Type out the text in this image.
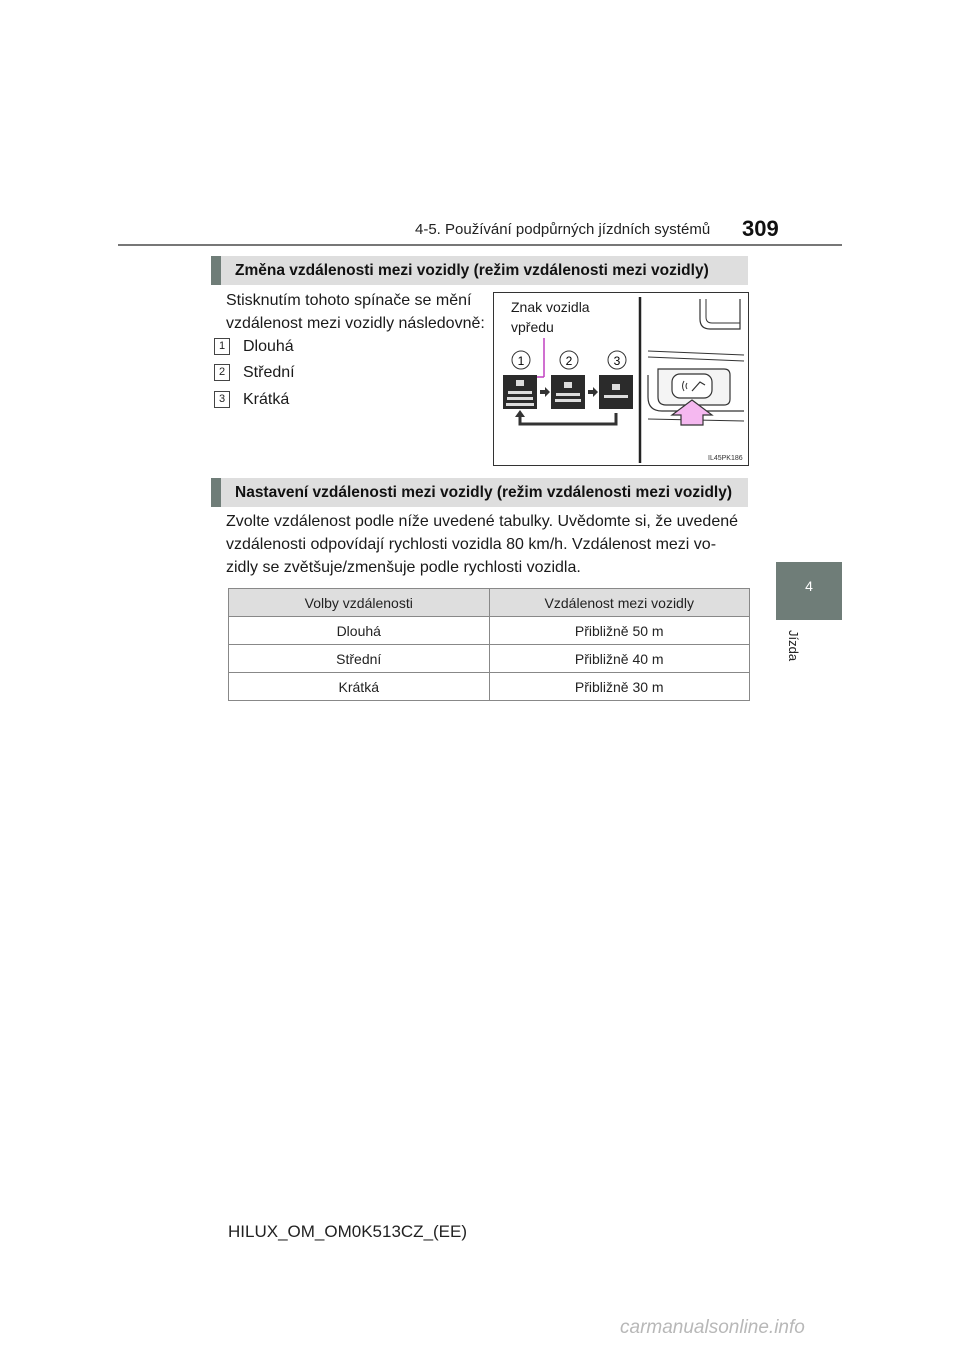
4-5. Používání podpůrných jízdních systémů 309
4
Jízda
Změna vzdálenosti mezi vozidly (režim vzdálenosti mezi vozidly)
Stisknutím tohoto spínače se mění
vzdálenost mezi vozidly následovně:
1 Dlouhá
2 Střední
3 Krátká
Znak vozidla
vpředu
1	2	3
IL45PK186
Nastavení vzdálenosti mezi vozidly (režim vzdálenosti mezi vozidly)
Zvolte vzdálenost podle níže uvedené tabulky. Uvědomte si, že uvedené
vzdálenosti odpovídají rychlosti vozidla 80 km/h. Vzdálenost mezi vo-
zidly se zvětšuje/zmenšuje podle rychlosti vozidla.
Volby vzdálenosti	Vzdálenost mezi vozidly
Dlouhá	Přibližně 50 m
Střední	Přibližně 40 m
Krátká	Přibližně 30 m
HILUX_OM_OM0K513CZ_(EE)
carmanualsonline.info
